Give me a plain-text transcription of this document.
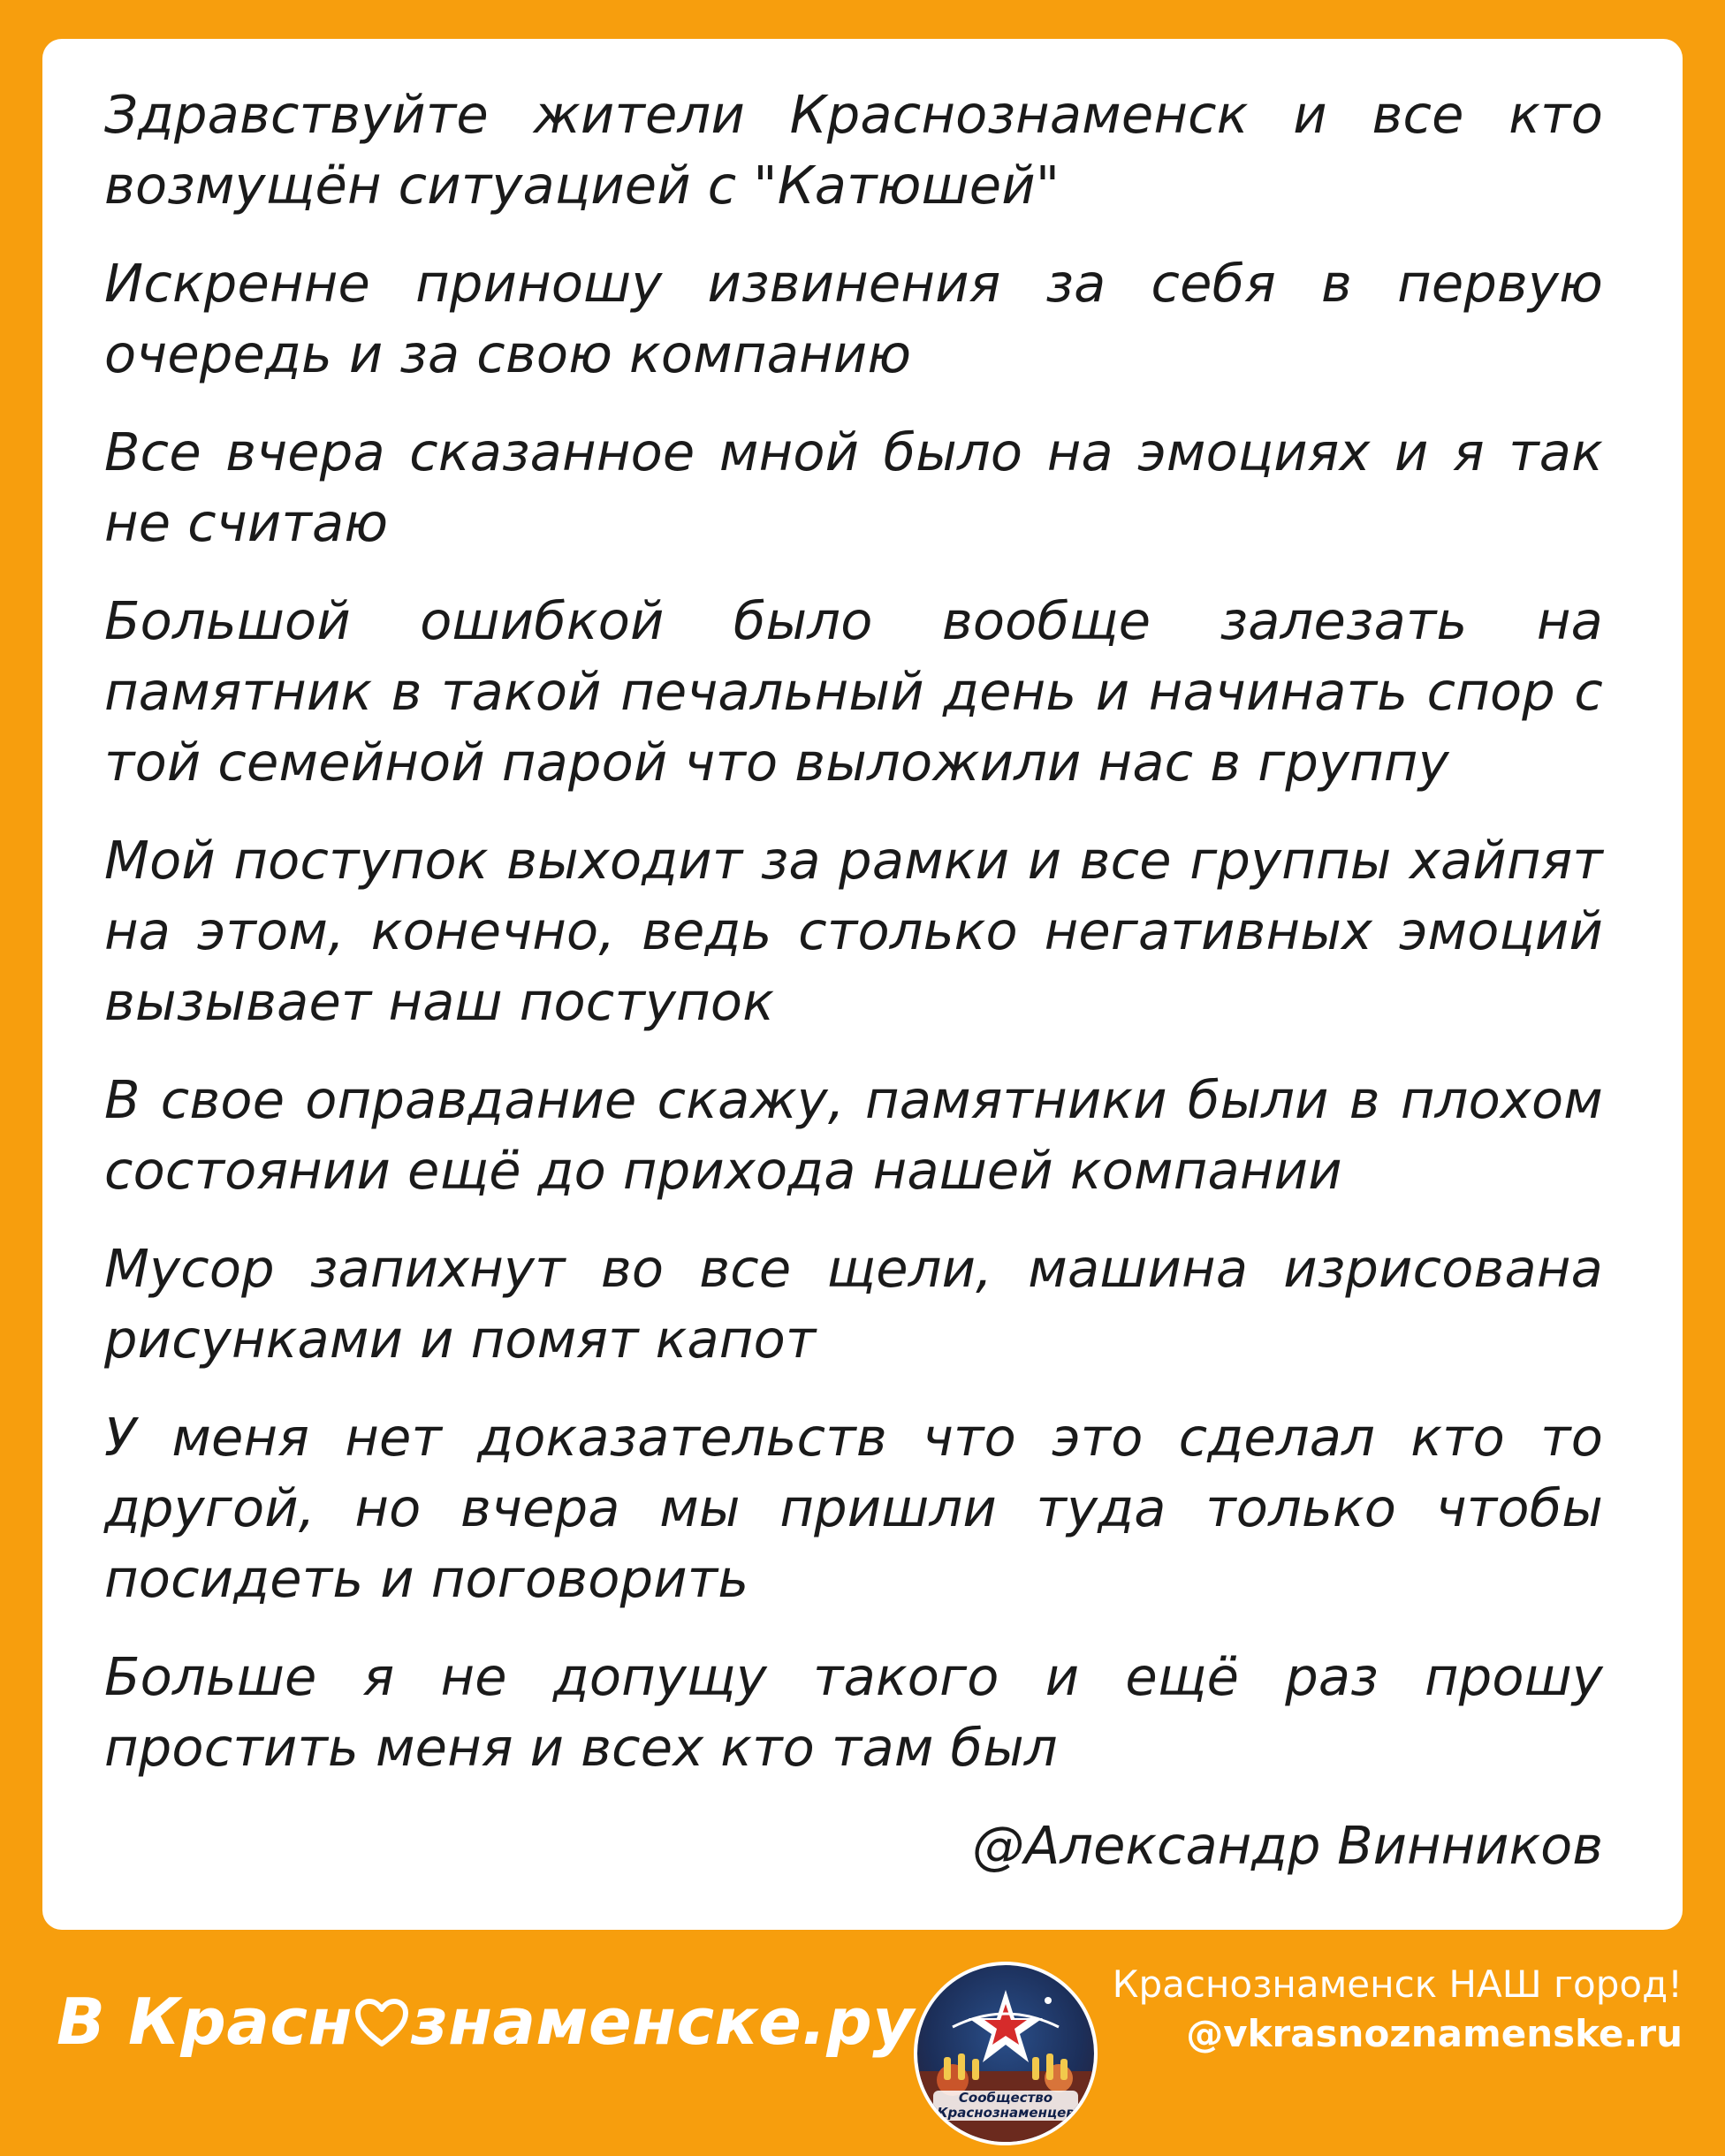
Здравствуйте жители Краснознаменск и все кто возмущён ситуацией с "Катюшей"

Искренне приношу извинения за себя в первую очередь и за свою компанию

Все вчера сказанное мной было на эмоциях и я так не считаю

Большой ошибкой было вообще залезать на памятник в такой печальный день и начинать спор с той семейной парой что выложили нас в группу

Мой поступок выходит за рамки и все группы хайпят на этом, конечно, ведь столько негативных эмоций вызывает наш поступок

В свое оправдание скажу, памятники были в плохом состоянии ещё до прихода нашей компании

Мусор запихнут во все щели, машина изрисована рисунками и помят капот

У меня нет доказательств что это сделал кто то другой, но вчера мы пришли туда только чтобы посидеть и поговорить

Больше я не допущу такого и ещё раз прошу простить меня и всех кто там был

@Александр Винников
В Красн знаменске.ру
Сообщество
Краснознаменцев
Краснознаменск НАШ город!
@vkrasnoznamenske.ru
